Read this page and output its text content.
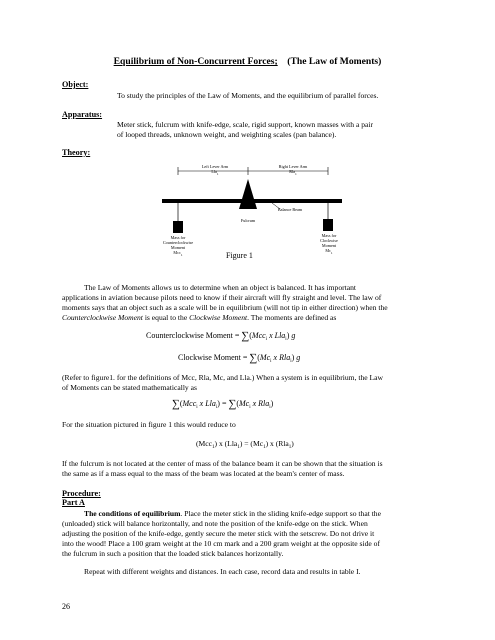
Equilibrium of Non-Concurrent Forces; (The Law of Moments)
Object:
To study the principles of the Law of Moments, and the equilibrium of parallel forces.
Apparatus:
Meter stick, fulcrum with knife-edge, scale, rigid support, known masses with a pair
of looped threads, unknown weight, and weighting scales (pan balance).
Theory:
Left Lever Arm
Lla$_1$
Right Lever Arm
Rla$_1$
Balance Beam
Mass for
Counterclockwise
Moment
Mcc$_1$
Fulcrum
Mass for
Clockwise
Moment
$Mc_1$
Figure 1
The Law of Moments allows us to determine when an object is balanced. It has important
applications in aviation because pilots need to know if their aircraft will fly straight and level. The law of
moments says that an object such as a scale will be in equilibrium (will not tip in either direction) when the
Counterclockwise Moment is equal to the Clockwise Moment. The moments are defined as
Counterclockwise Moment = ∑(Mcc$_i$ x Lla$_i$) g
Clockwise Moment = $\sum(Mc_i$ x Rla$_i$) g
(Refer to figure1. for the definitions of Mcc, Rla, Mc, and Lla.) When a system is in equilibrium, the Law
of Moments can be stated mathematically as
∑(Mcc$_i$ x $Lla_i) = \sum(Mc_i$ x Rla$_i$)
For the situation pictured in figure 1 this would reduce to
(Mcc$_1$) x $(Lla_1) = (Mc_1)$ x (Rla$_1$)
If the fulcrum is not located at the center of mass of the balance beam it can be shown that the situation is
the same as if a mass equal to the mass of the beam was located at the beam's center of mass.
Procedure:
Part A
The conditions of equilibrium. Place the meter stick in the sliding knife-edge support so that the
(unloaded) stick will balance horizontally, and note the position of the knife-edge on the stick. When
adjusting the position of the knife-edge, gently secure the meter stick with the setscrew. Do not drive it
into the wood! Place a 100 gram weight at the 10 cm mark and a 200 gram weight at the opposite side of
the fulcrum in such a position that the loaded stick balances horizontally.
Repeat with different weights and distances. In each case, record data and results in table I.
26
